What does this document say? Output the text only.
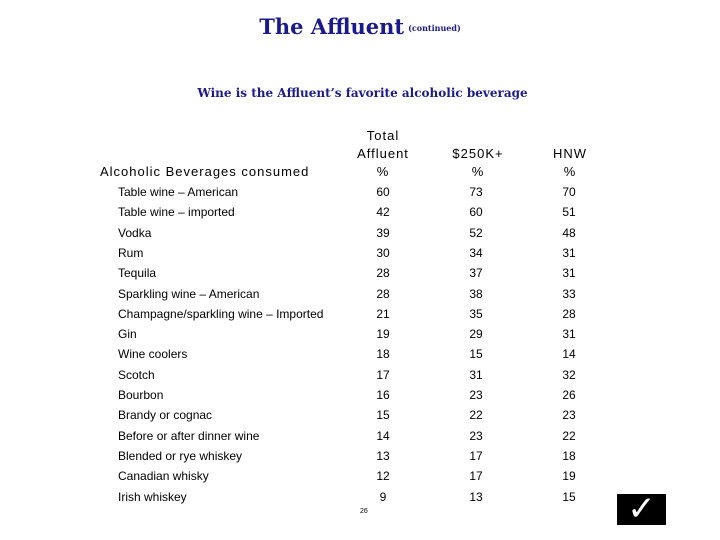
The Affluent $^{(continued)}$
Wine is the Affluent’s favorite alcoholic beverage
Total
Affluent	$250K+	HNW
Alcoholic Beverages consumed	%	%	%
Table wine – American	60	73	70
Table wine – imported	42	60	51
Vodka	39	52	48
Rum	30	34	31
Tequila	28	37	31
Sparkling wine – American	28	38	33
Champagne/sparkling wine – Imported	21	35	28
Gin	19	29	31
Wine coolers	18	15	14
Scotch	17	31	32
Bourbon	16	23	26
Brandy or cognac	15	22	23
Before or after dinner wine	14	23	22
Blended or rye whiskey	13	17	18
Canadian whisky	12	17	19
Irish whiskey	9	13	15
26	✓
